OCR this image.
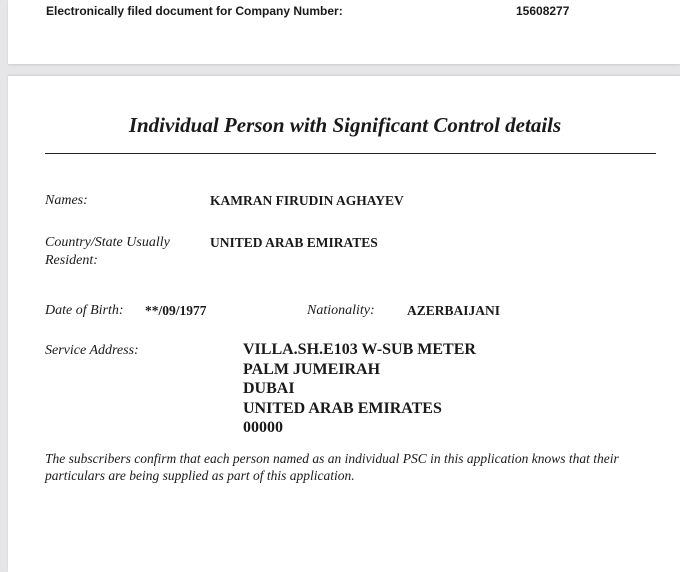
Electronically filed document for Company Number:	15608277
Individual Person with Significant Control details
Names:	KAMRAN FIRUDIN AGHAYEV
Country/State Usually
Resident:
UNITED ARAB EMIRATES
Date of Birth: **/09/1977	Nationality: AZERBAIJANI
Service Address:	VILLA.SH.E103 W-SUB METER
PALM JUMEIRAH
DUBAI
UNITED ARAB EMIRATES
00000
The subscribers confirm that each person named as an individual PSC in this application knows that their particulars are being supplied as part of this application.
